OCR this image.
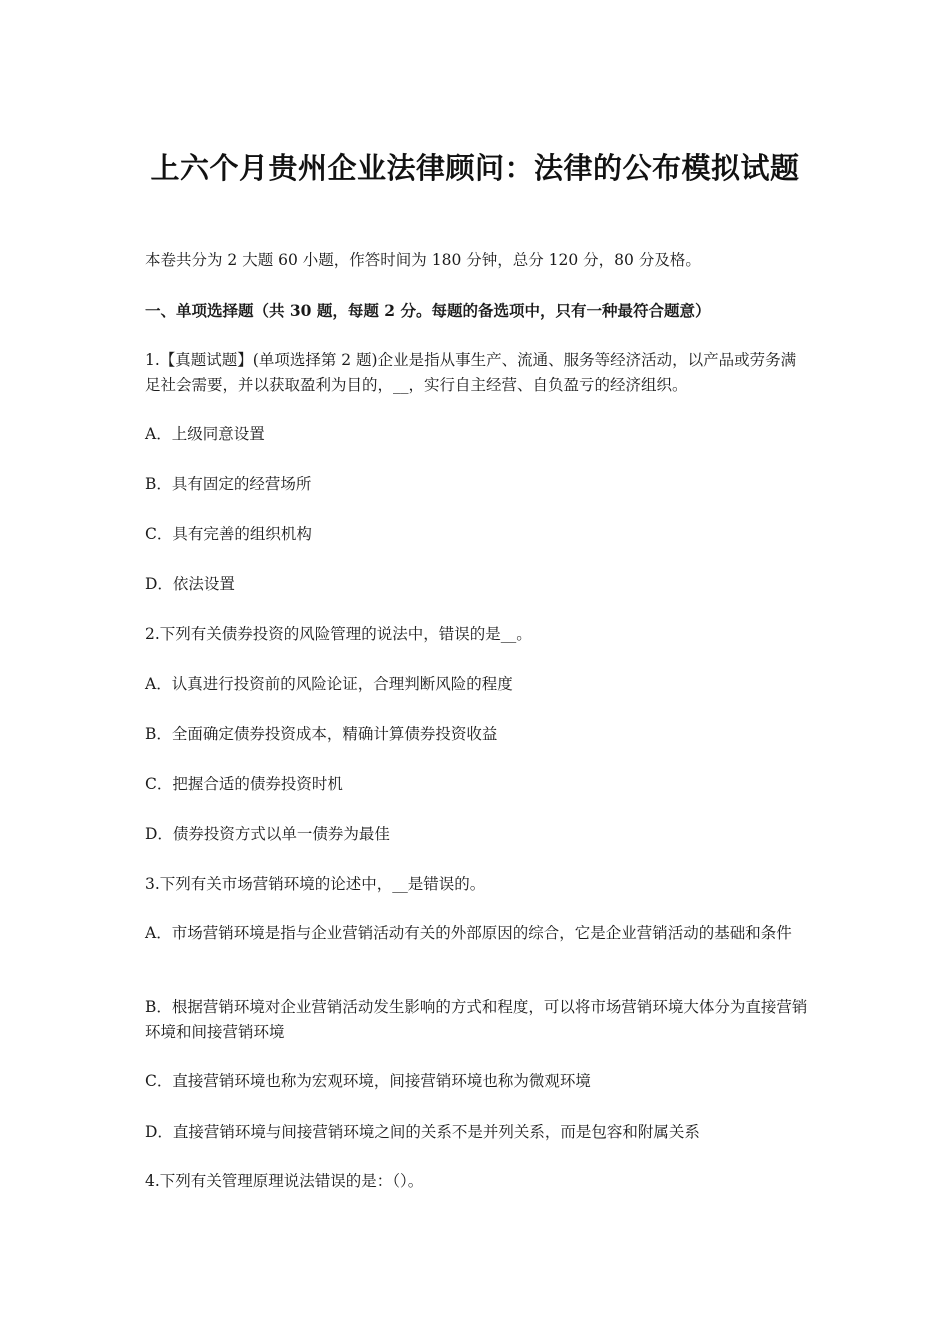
上六个月贵州企业法律顾问：法律的公布模拟试题

本卷共分为 2 大题 60 小题，作答时间为 180 分钟，总分 120 分，80 分及格。

一、单项选择题（共 30 题，每题 2 分。每题的备选项中，只有一种最符合题意）

1.【真题试题】(单项选择第 2 题)企业是指从事生产、流通、服务等经济活动，以产品或劳务满足社会需要，并以获取盈利为目的，__，实行自主经营、自负盈亏的经济组织。

A．上级同意设置

B．具有固定的经营场所

C．具有完善的组织机构

D．依法设置

2.下列有关债券投资的风险管理的说法中，错误的是__。

A．认真进行投资前的风险论证，合理判断风险的程度

B．全面确定债券投资成本，精确计算债券投资收益

C．把握合适的债券投资时机

D．债券投资方式以单一债券为最佳

3.下列有关市场营销环境的论述中，__是错误的。

A．市场营销环境是指与企业营销活动有关的外部原因的综合，它是企业营销活动的基础和条件

B．根据营销环境对企业营销活动发生影响的方式和程度，可以将市场营销环境大体分为直接营销环境和间接营销环境

C．直接营销环境也称为宏观环境，间接营销环境也称为微观环境

D．直接营销环境与间接营销环境之间的关系不是并列关系，而是包容和附属关系

4.下列有关管理原理说法错误的是：（）。
